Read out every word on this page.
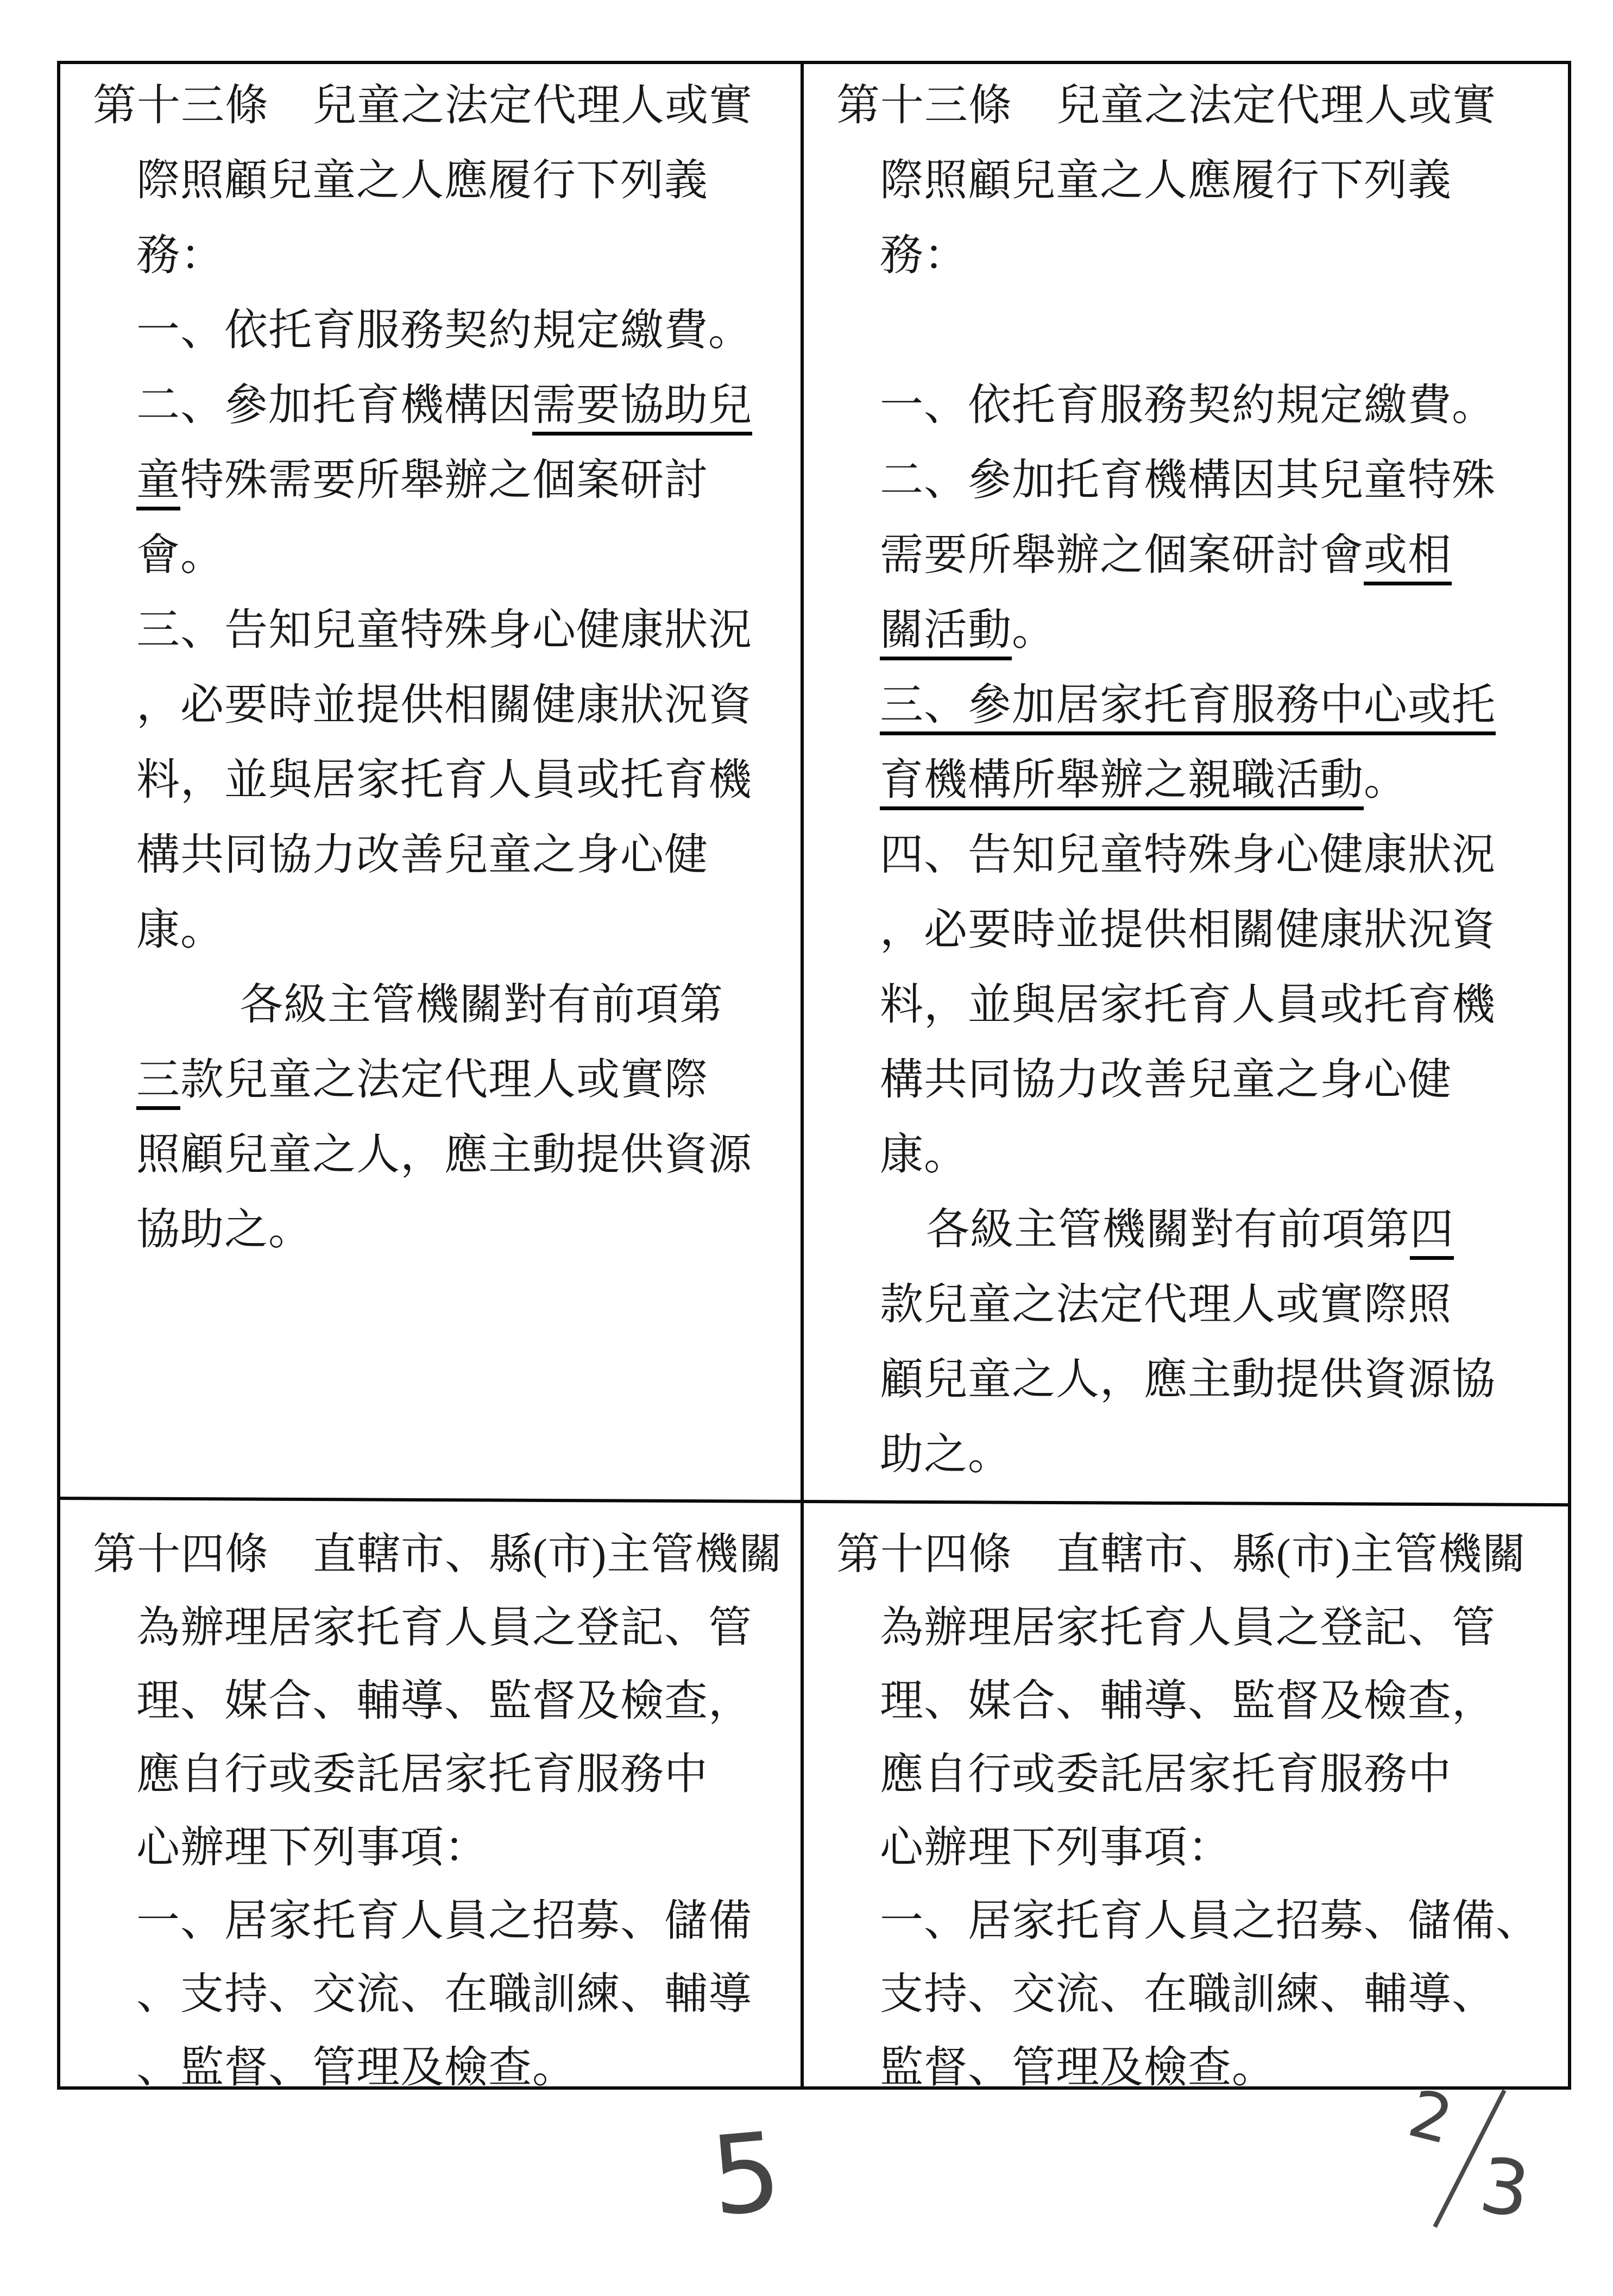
第十三條　兒童之法定代理人或實
際照顧兒童之人應履行下列義
務：
一、依托育服務契約規定繳費。
二、參加托育機構因需要協助兒
童特殊需要所舉辦之個案研討
會。
三、告知兒童特殊身心健康狀況
，必要時並提供相關健康狀況資
料，並與居家托育人員或托育機
構共同協力改善兒童之身心健
康。
各級主管機關對有前項第
三款兒童之法定代理人或實際
照顧兒童之人，應主動提供資源
協助之。
第十三條　兒童之法定代理人或實
際照顧兒童之人應履行下列義
務：
一、依托育服務契約規定繳費。
二、參加托育機構因其兒童特殊
需要所舉辦之個案研討會或相
關活動。
三、參加居家托育服務中心或托
育機構所舉辦之親職活動。
四、告知兒童特殊身心健康狀況
，必要時並提供相關健康狀況資
料，並與居家托育人員或托育機
構共同協力改善兒童之身心健
康。
各級主管機關對有前項第四
款兒童之法定代理人或實際照
顧兒童之人，應主動提供資源協
助之。
第十四條　直轄市、縣(市)主管機關
為辦理居家托育人員之登記、管
理、媒合、輔導、監督及檢查，
應自行或委託居家托育服務中
心辦理下列事項：
一、居家托育人員之招募、儲備
、支持、交流、在職訓練、輔導
、監督、管理及檢查。
第十四條　直轄市、縣(市)主管機關
為辦理居家托育人員之登記、管
理、媒合、輔導、監督及檢查，
應自行或委託居家托育服務中
心辦理下列事項：
一、居家托育人員之招募、儲備、
支持、交流、在職訓練、輔導、
監督、管理及檢查。
5	2
3
